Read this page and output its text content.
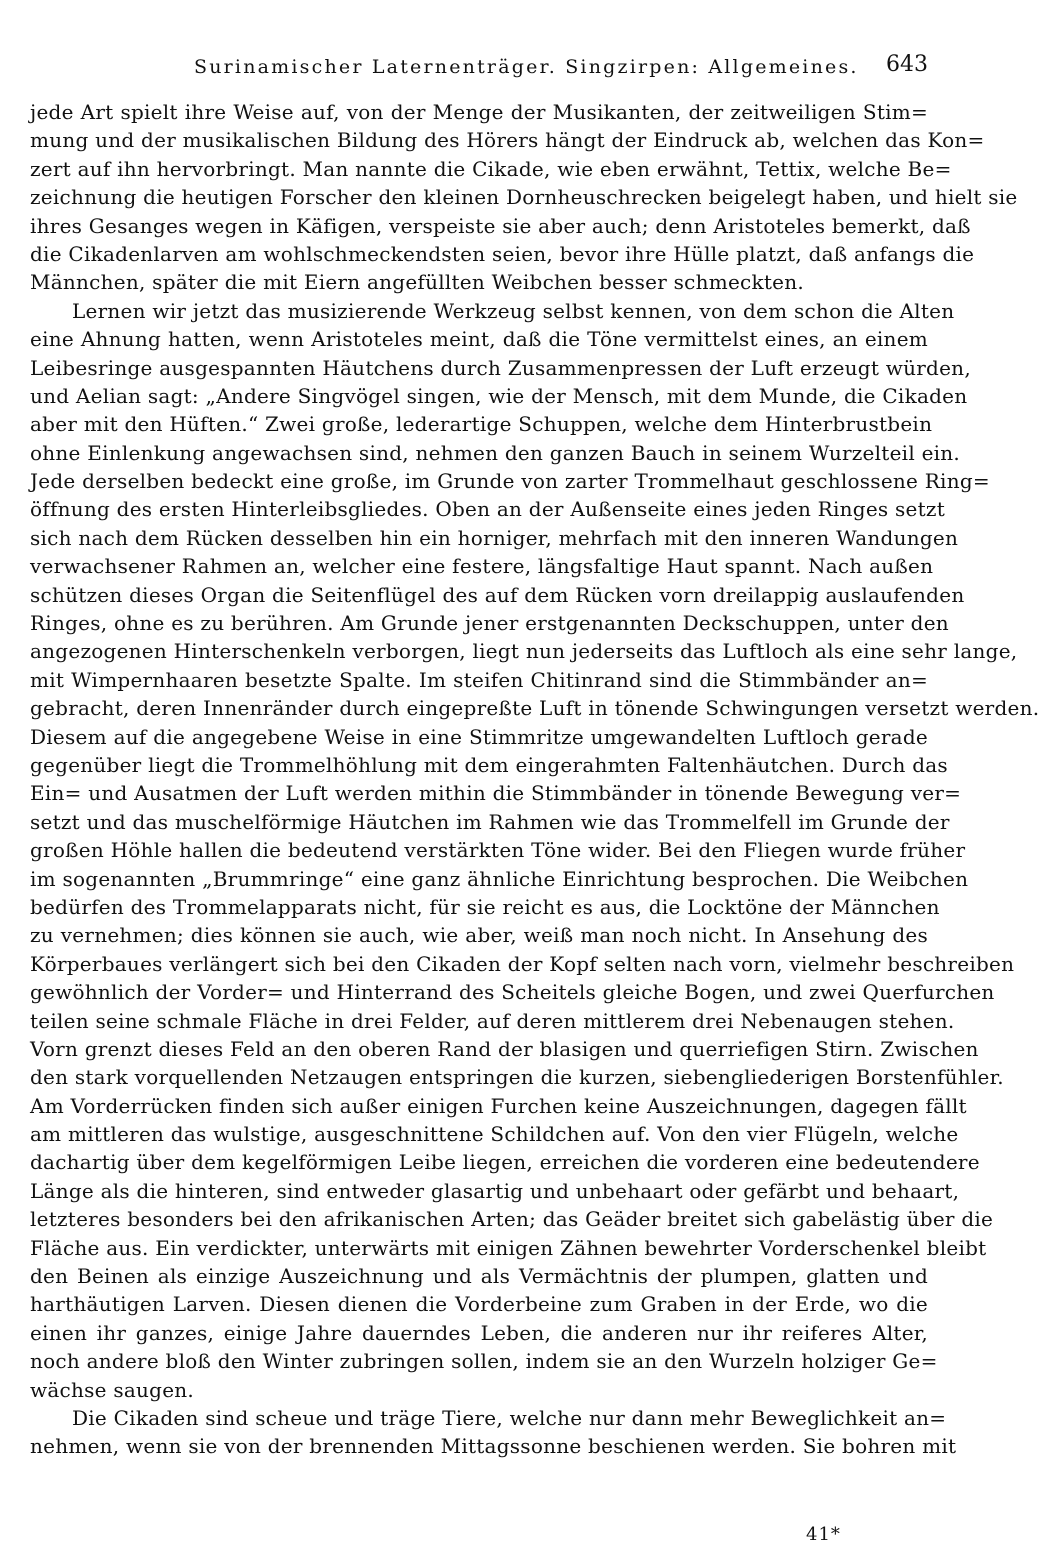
Surinamischer Laternenträger. Singzirpen: Allgemeines. 643
jede Art spielt ihre Weise auf, von der Menge der Musikanten, der zeitweiligen Stim=
mung und der musikalischen Bildung des Hörers hängt der Eindruck ab, welchen das Kon=
zert auf ihn hervorbringt. Man nannte die Cikade, wie eben erwähnt, Tettix, welche Be=
zeichnung die heutigen Forscher den kleinen Dornheuschrecken beigelegt haben, und hielt sie
ihres Gesanges wegen in Käfigen, verspeiste sie aber auch; denn Aristoteles bemerkt, daß
die Cikadenlarven am wohlschmeckendsten seien, bevor ihre Hülle platzt, daß anfangs die
Männchen, später die mit Eiern angefüllten Weibchen besser schmeckten.
Lernen wir jetzt das musizierende Werkzeug selbst kennen, von dem schon die Alten
eine Ahnung hatten, wenn Aristoteles meint, daß die Töne vermittelst eines, an einem
Leibesringe ausgespannten Häutchens durch Zusammenpressen der Luft erzeugt würden,
und Aelian sagt: „Andere Singvögel singen, wie der Mensch, mit dem Munde, die Cikaden
aber mit den Hüften.“ Zwei große, lederartige Schuppen, welche dem Hinterbrustbein
ohne Einlenkung angewachsen sind, nehmen den ganzen Bauch in seinem Wurzelteil ein.
Jede derselben bedeckt eine große, im Grunde von zarter Trommelhaut geschlossene Ring=
öffnung des ersten Hinterleibsgliedes. Oben an der Außenseite eines jeden Ringes setzt
sich nach dem Rücken desselben hin ein horniger, mehrfach mit den inneren Wandungen
verwachsener Rahmen an, welcher eine festere, längsfaltige Haut spannt. Nach außen
schützen dieses Organ die Seitenflügel des auf dem Rücken vorn dreilappig auslaufenden
Ringes, ohne es zu berühren. Am Grunde jener erstgenannten Deckschuppen, unter den
angezogenen Hinterschenkeln verborgen, liegt nun jederseits das Luftloch als eine sehr lange,
mit Wimpernhaaren besetzte Spalte. Im steifen Chitinrand sind die Stimmbänder an=
gebracht, deren Innenränder durch eingepreßte Luft in tönende Schwingungen versetzt werden.
Diesem auf die angegebene Weise in eine Stimmritze umgewandelten Luftloch gerade
gegenüber liegt die Trommelhöhlung mit dem eingerahmten Faltenhäutchen. Durch das
Ein= und Ausatmen der Luft werden mithin die Stimmbänder in tönende Bewegung ver=
setzt und das muschelförmige Häutchen im Rahmen wie das Trommelfell im Grunde der
großen Höhle hallen die bedeutend verstärkten Töne wider. Bei den Fliegen wurde früher
im sogenannten „Brummringe“ eine ganz ähnliche Einrichtung besprochen. Die Weibchen
bedürfen des Trommelapparats nicht, für sie reicht es aus, die Locktöne der Männchen
zu vernehmen; dies können sie auch, wie aber, weiß man noch nicht. In Ansehung des
Körperbaues verlängert sich bei den Cikaden der Kopf selten nach vorn, vielmehr beschreiben
gewöhnlich der Vorder= und Hinterrand des Scheitels gleiche Bogen, und zwei Querfurchen
teilen seine schmale Fläche in drei Felder, auf deren mittlerem drei Nebenaugen stehen.
Vorn grenzt dieses Feld an den oberen Rand der blasigen und querriefigen Stirn. Zwischen
den stark vorquellenden Netzaugen entspringen die kurzen, siebengliederigen Borstenfühler.
Am Vorderrücken finden sich außer einigen Furchen keine Auszeichnungen, dagegen fällt
am mittleren das wulstige, ausgeschnittene Schildchen auf. Von den vier Flügeln, welche
dachartig über dem kegelförmigen Leibe liegen, erreichen die vorderen eine bedeutendere
Länge als die hinteren, sind entweder glasartig und unbehaart oder gefärbt und behaart,
letzteres besonders bei den afrikanischen Arten; das Geäder breitet sich gabelästig über die
Fläche aus. Ein verdickter, unterwärts mit einigen Zähnen bewehrter Vorderschenkel bleibt
den Beinen als einzige Auszeichnung und als Vermächtnis der plumpen, glatten und
harthäutigen Larven. Diesen dienen die Vorderbeine zum Graben in der Erde, wo die
einen ihr ganzes, einige Jahre dauerndes Leben, die anderen nur ihr reiferes Alter,
noch andere bloß den Winter zubringen sollen, indem sie an den Wurzeln holziger Ge=
wächse saugen.
Die Cikaden sind scheue und träge Tiere, welche nur dann mehr Beweglichkeit an=
nehmen, wenn sie von der brennenden Mittagssonne beschienen werden. Sie bohren mit
41*
